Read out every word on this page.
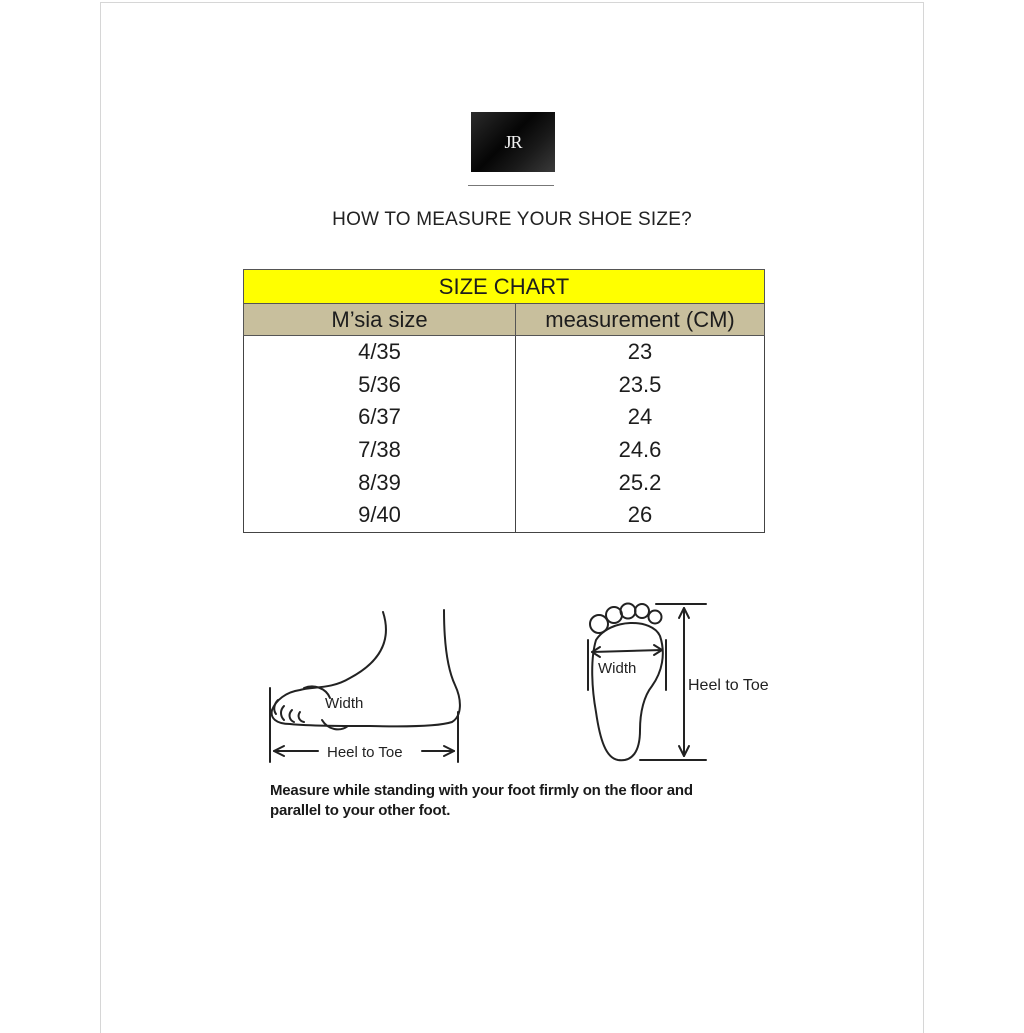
JR
HOW TO MEASURE YOUR SHOE SIZE?
SIZE CHART	
M’sia size	measurement (CM)
4/35	23
5/36	23.5
6/37	24
7/38	24.6
8/39	25.2
9/40	26
Width
Heel to Toe
Width
Heel to Toe
Measure while standing with your foot firmly on the floor and parallel to your other foot.
